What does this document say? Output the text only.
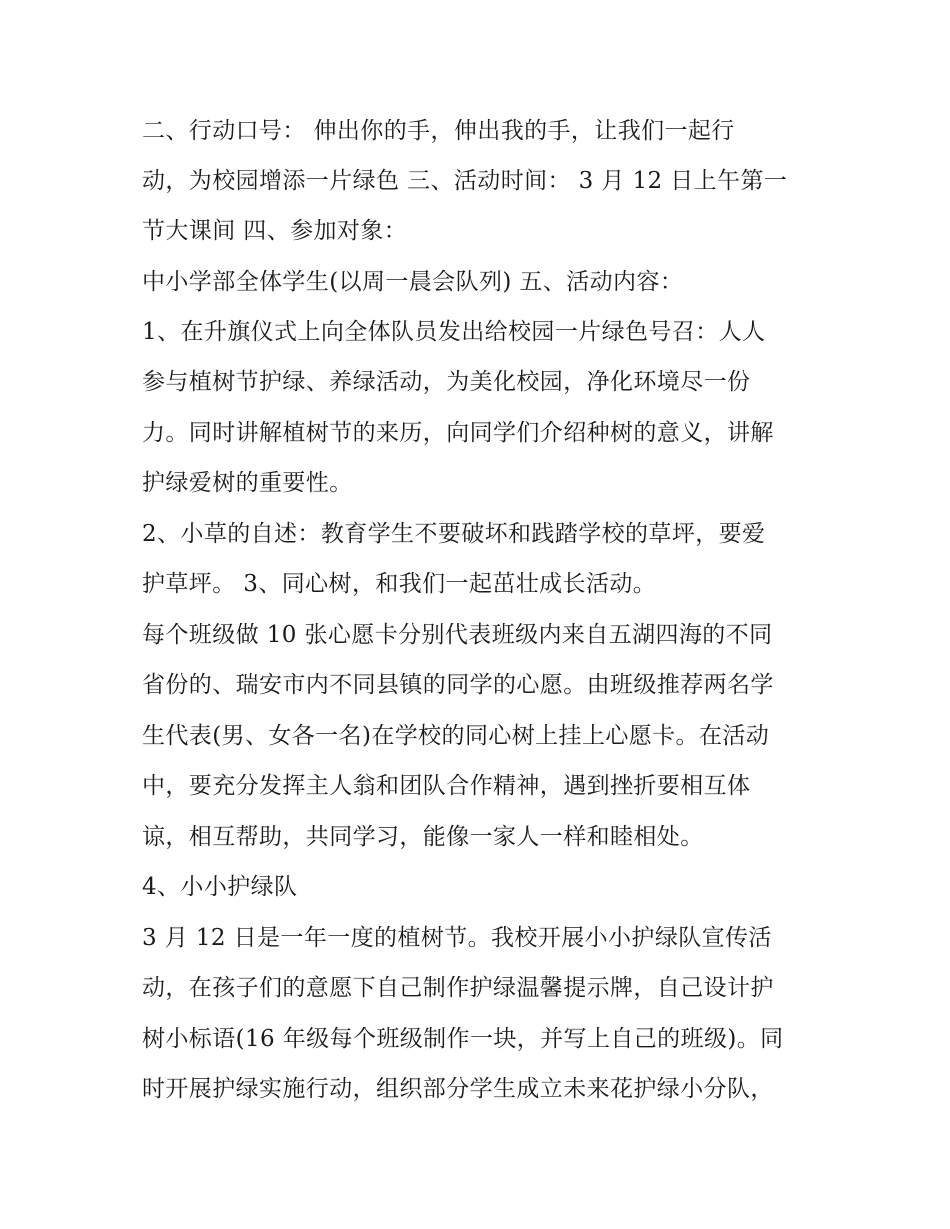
二、行动口号： 伸出你的手，伸出我的手，让我们一起行
动，为校园增添一片绿色 三、活动时间： 3 月 12 日上午第一
节大课间 四、参加对象：
中小学部全体学生(以周一晨会队列) 五、活动内容：
1、在升旗仪式上向全体队员发出给校园一片绿色号召：人人
参与植树节护绿、养绿活动，为美化校园，净化环境尽一份
力。同时讲解植树节的来历，向同学们介绍种树的意义，讲解
护绿爱树的重要性。
2、小草的自述：教育学生不要破坏和践踏学校的草坪，要爱
护草坪。 3、同心树，和我们一起茁壮成长活动。
每个班级做 10 张心愿卡分别代表班级内来自五湖四海的不同
省份的、瑞安市内不同县镇的同学的心愿。由班级推荐两名学
生代表(男、女各一名)在学校的同心树上挂上心愿卡。在活动
中，要充分发挥主人翁和团队合作精神，遇到挫折要相互体
谅，相互帮助，共同学习，能像一家人一样和睦相处。
4、小小护绿队
3 月 12 日是一年一度的植树节。我校开展小小护绿队宣传活
动，在孩子们的意愿下自己制作护绿温馨提示牌，自己设计护
树小标语(16 年级每个班级制作一块，并写上自己的班级)。同
时开展护绿实施行动，组织部分学生成立未来花护绿小分队，
